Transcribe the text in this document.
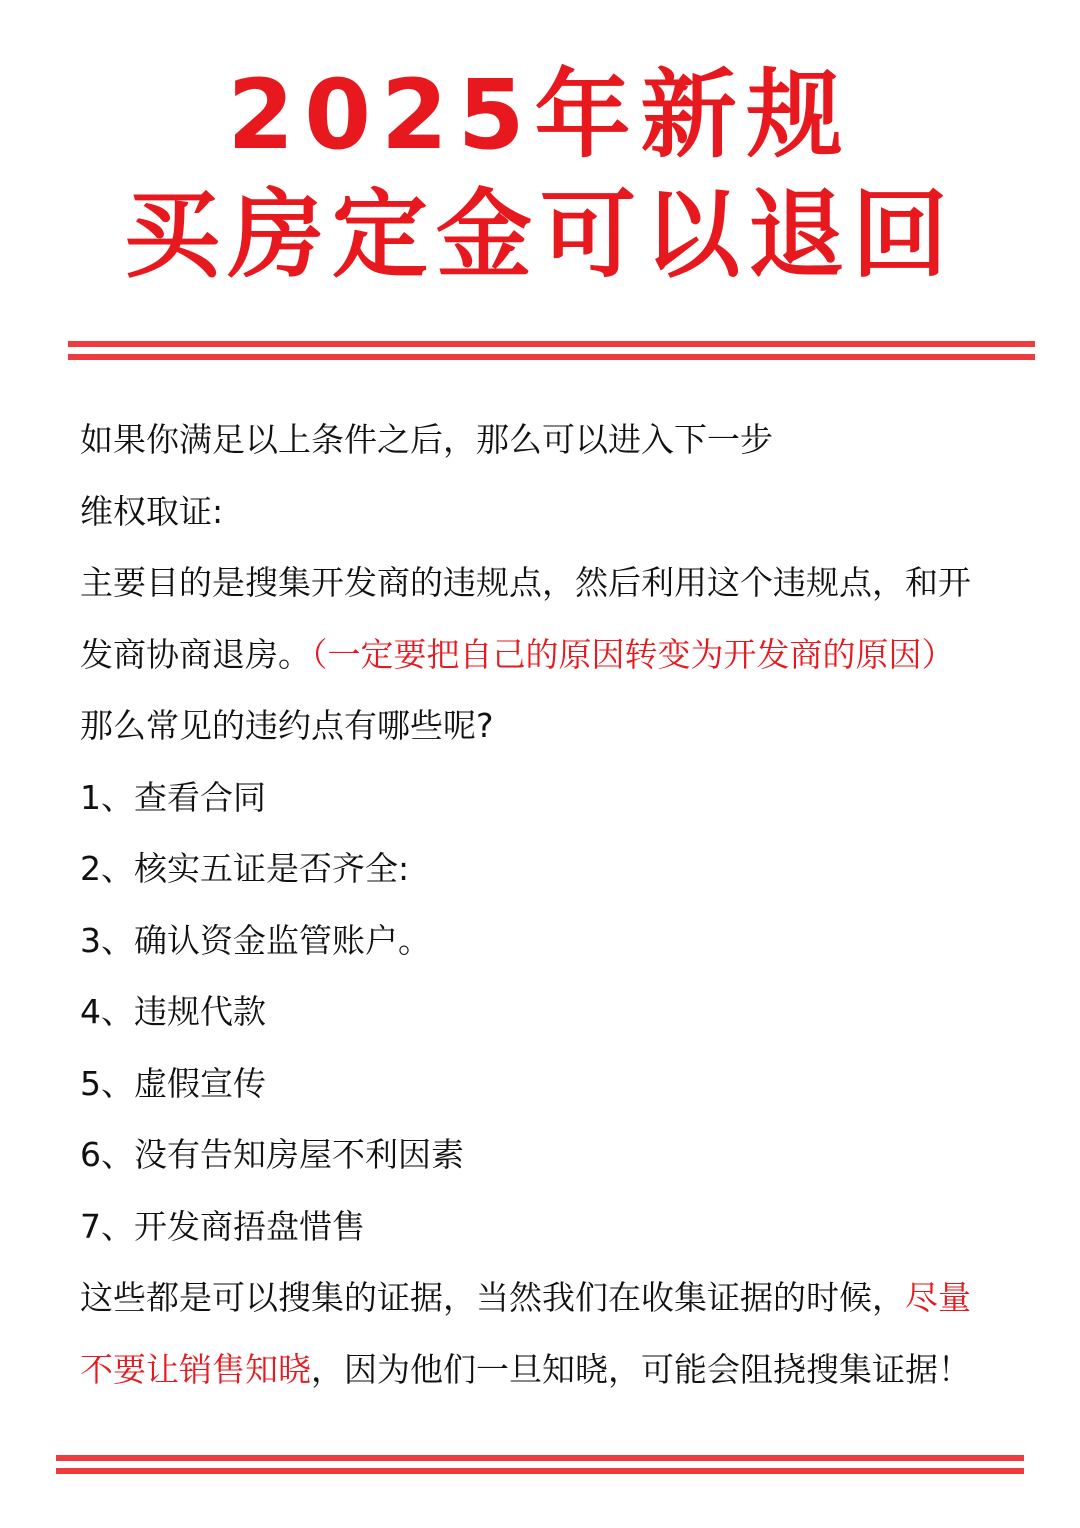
2025年新规
买房定金可以退回
如果你满足以上条件之后，那么可以进入下一步
维权取证:
主要目的是搜集开发商的违规点，然后利用这个违规点，和开
发商协商退房。（一定要把自己的原因转变为开发商的原因）
那么常见的违约点有哪些呢?
1、查看合同
2、核实五证是否齐全:
3、确认资金监管账户。
4、违规代款
5、虚假宣传
6、没有告知房屋不利因素
7、开发商捂盘惜售
这些都是可以搜集的证据，当然我们在收集证据的时候，尽量
不要让销售知晓，因为他们一旦知晓，可能会阻挠搜集证据！
